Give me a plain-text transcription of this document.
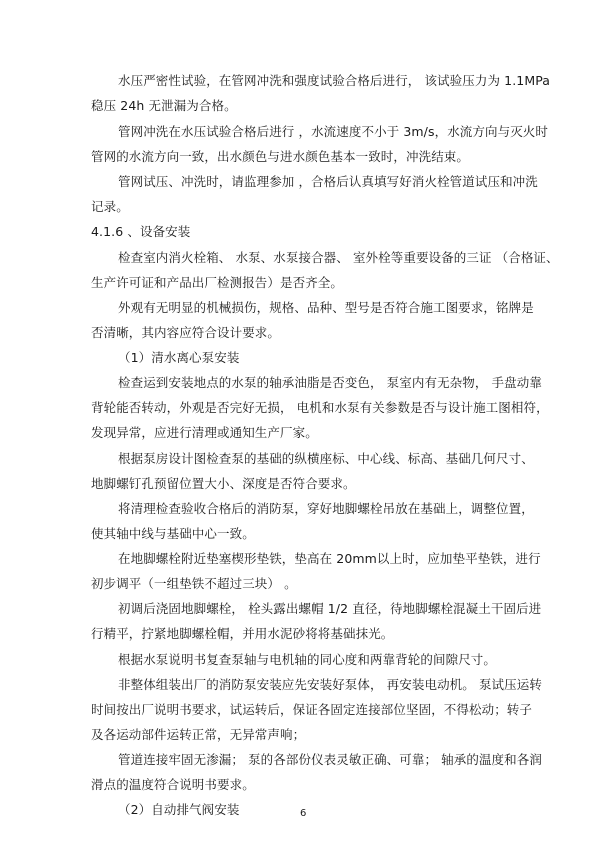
水压严密性试验，在管网冲洗和强度试验合格后进行， 该试验压力为 1.1MPa
稳压 24h 无泄漏为合格。
管网冲洗在水压试验合格后进行 ，水流速度不小于 3m/s，水流方向与灭火时
管网的水流方向一致，出水颜色与进水颜色基本一致时，冲洗结束。
管网试压、冲洗时，请监理参加 ，合格后认真填写好消火栓管道试压和冲洗
记录。
4.1.6 、设备安装
检查室内消火栓箱、 水泵、水泵接合器、 室外栓等重要设备的三证 （合格证、
生产许可证和产品出厂检测报告）是否齐全。
外观有无明显的机械损伤，规格、品种、型号是否符合施工图要求，铭牌是
否清晰，其内容应符合设计要求。
（1）清水离心泵安装
检查运到安装地点的水泵的轴承油脂是否变色， 泵室内有无杂物， 手盘动靠
背轮能否转动，外观是否完好无损， 电机和水泵有关参数是否与设计施工图相符，
发现异常，应进行清理或通知生产厂家。
根据泵房设计图检查泵的基础的纵横座标、中心线、标高、基础几何尺寸、
地脚螺钉孔预留位置大小、深度是否符合要求。
将清理检查验收合格后的消防泵，穿好地脚螺栓吊放在基础上，调整位置，
使其轴中线与基础中心一致。
在地脚螺栓附近垫塞楔形垫铁，垫高在 20mm以上时，应加垫平垫铁，进行
初步调平（一组垫铁不超过三块） 。
初调后浇固地脚螺栓， 栓头露出螺帽 1/2 直径，待地脚螺栓混凝土干固后进
行精平，拧紧地脚螺栓帽，并用水泥砂将将基础抹光。
根据水泵说明书复查泵轴与电机轴的同心度和两靠背轮的间隙尺寸。
非整体组装出厂的消防泵安装应先安装好泵体， 再安装电动机。 泵试压运转
时间按出厂说明书要求，试运转后，保证各固定连接部位坚固，不得松动；转子
及各运动部件运转正常，无异常声响；
管道连接牢固无渗漏； 泵的各部份仪表灵敏正确、可靠； 轴承的温度和各润
滑点的温度符合说明书要求。
（2）自动排气阀安装	6
